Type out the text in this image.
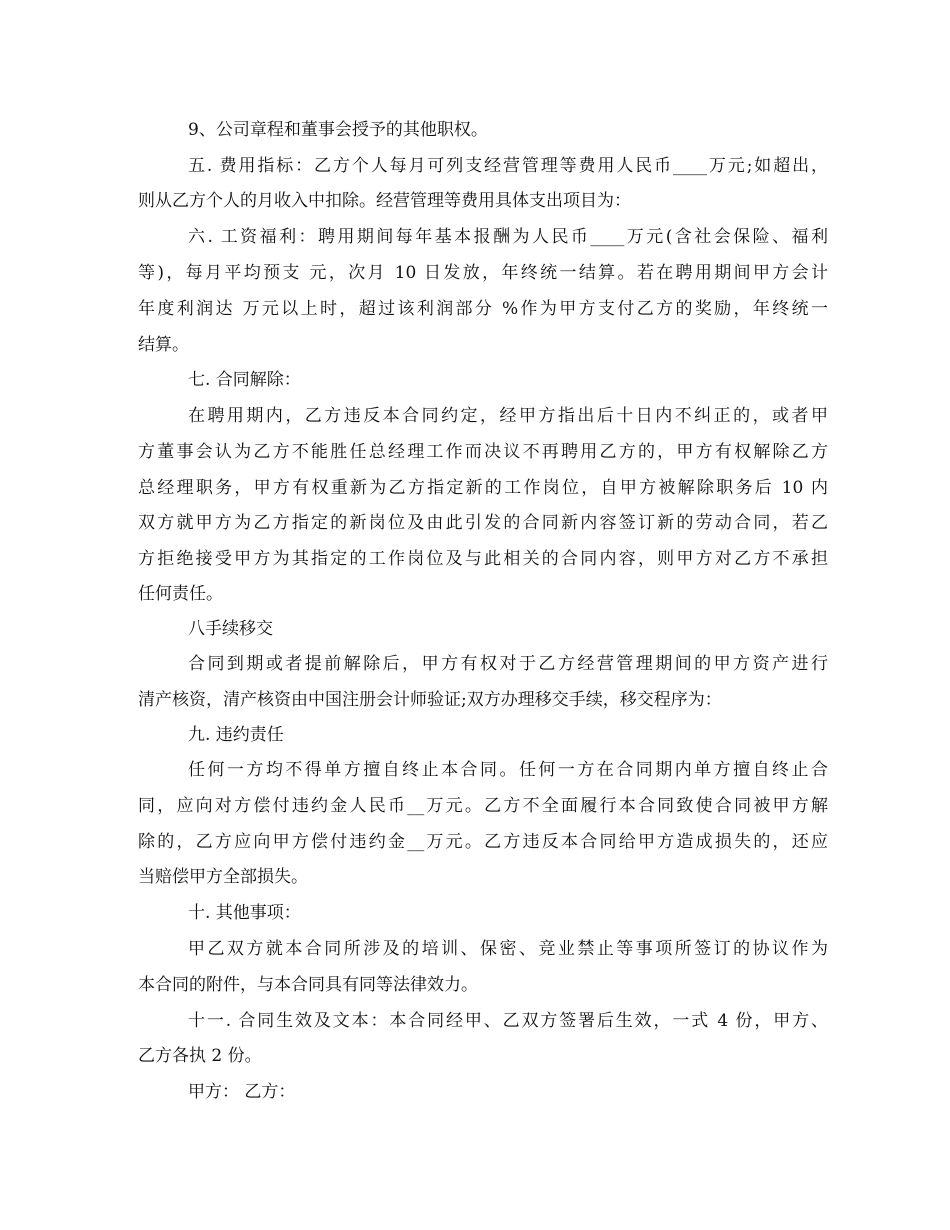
9、公司章程和董事会授予的其他职权。
五. 费用指标：乙方个人每月可列支经营管理等费用人民币____万元;如超出，
则从乙方个人的月收入中扣除。经营管理等费用具体支出项目为：
六. 工资福利：聘用期间每年基本报酬为人民币____万元(含社会保险、福利
等)，每月平均预支 元，次月 10 日发放，年终统一结算。若在聘用期间甲方会计
年度利润达 万元以上时，超过该利润部分 %作为甲方支付乙方的奖励，年终统一
结算。
七. 合同解除：
在聘用期内，乙方违反本合同约定，经甲方指出后十日内不纠正的，或者甲
方董事会认为乙方不能胜任总经理工作而决议不再聘用乙方的，甲方有权解除乙方
总经理职务，甲方有权重新为乙方指定新的工作岗位，自甲方被解除职务后 10 内
双方就甲方为乙方指定的新岗位及由此引发的合同新内容签订新的劳动合同，若乙
方拒绝接受甲方为其指定的工作岗位及与此相关的合同内容，则甲方对乙方不承担
任何责任。
八手续移交
合同到期或者提前解除后，甲方有权对于乙方经营管理期间的甲方资产进行
清产核资，清产核资由中国注册会计师验证;双方办理移交手续，移交程序为：
九. 违约责任
任何一方均不得单方擅自终止本合同。任何一方在合同期内单方擅自终止合
同，应向对方偿付违约金人民币__万元。乙方不全面履行本合同致使合同被甲方解
除的，乙方应向甲方偿付违约金__万元。乙方违反本合同给甲方造成损失的，还应
当赔偿甲方全部损失。
十. 其他事项：
甲乙双方就本合同所涉及的培训、保密、竞业禁止等事项所签订的协议作为
本合同的附件，与本合同具有同等法律效力。
十一. 合同生效及文本：本合同经甲、乙双方签署后生效，一式 4 份，甲方、
乙方各执 2 份。
甲方： 乙方：
